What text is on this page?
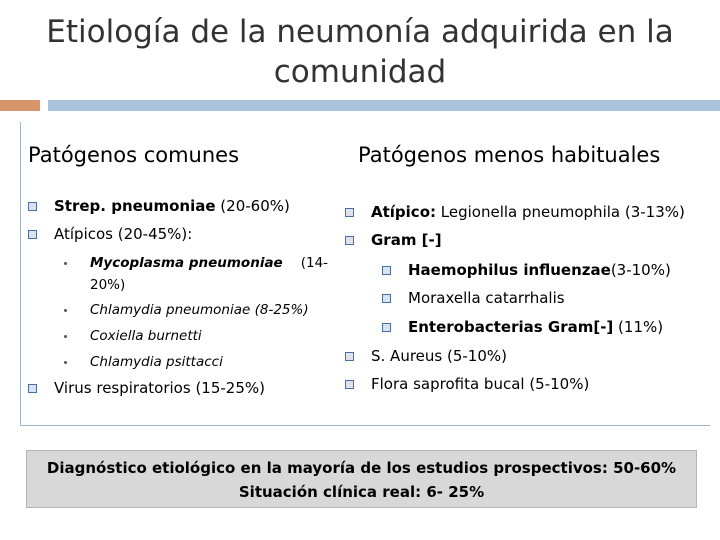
Etiología de la neumonía adquirida en la comunidad
Patógenos comunes
Strep. pneumoniae (20-60%)
Atípicos (20-45%):
Mycoplasma pneumoniae (14-
20%)
Chlamydia pneumoniae (8-25%)
Coxiella burnetti
Chlamydia psittacci
Virus respiratorios (15-25%)
Patógenos menos habituales
Atípico: Legionella pneumophila (3-13%)
Gram [-]
Haemophilus influenzae(3-10%)
Moraxella catarrhalis
Enterobacterias Gram[-] (11%)
S. Aureus (5-10%)
Flora saprofita bucal (5-10%)
Diagnóstico etiológico en la mayoría de los estudios prospectivos: 50-60%
Situación clínica real: 6- 25%
